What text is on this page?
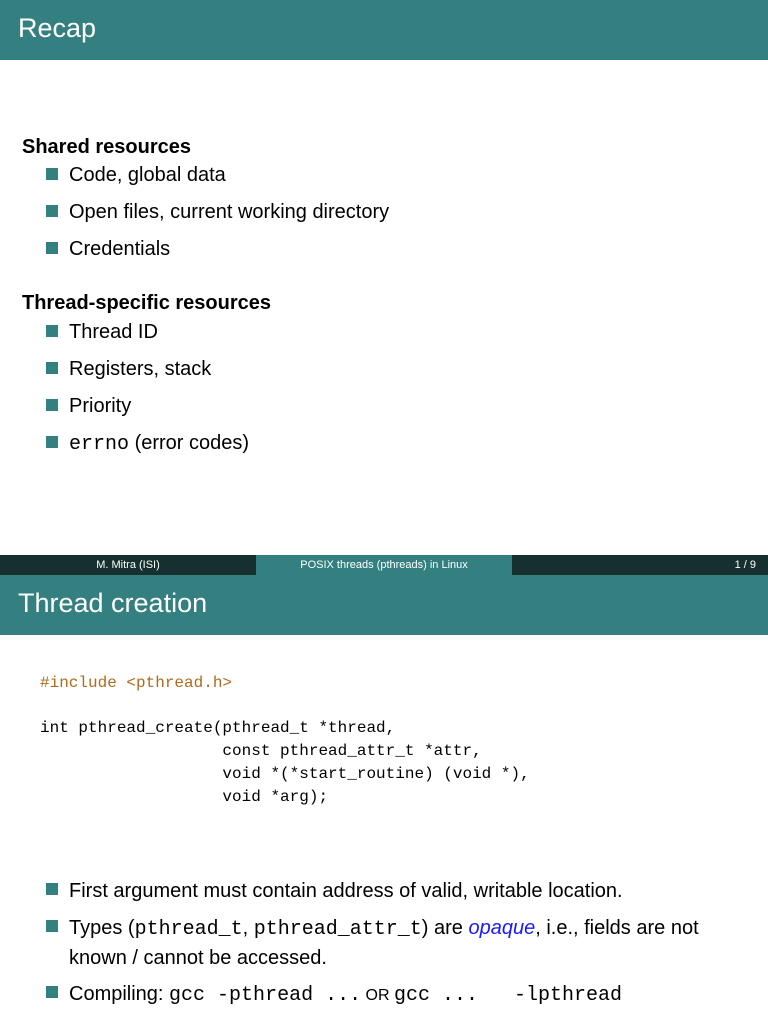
Recap
Shared resources
Code, global data
Open files, current working directory
Credentials
Thread-specific resources
Thread ID
Registers, stack
Priority
errno (error codes)
M. Mitra (ISI)	POSIX threads (pthreads) in Linux	1 / 9
Thread creation
#include <pthread.h>
int pthread_create(pthread_t *thread,
const pthread_attr_t *attr,
void *(*start_routine) (void *),
void *arg);
First argument must contain address of valid, writable location.
Types (pthread_t, pthread_attr_t) are opaque, i.e., fields are not
known / cannot be accessed.
Compiling: gcc -pthread ... OR gcc ...   -lpthread
